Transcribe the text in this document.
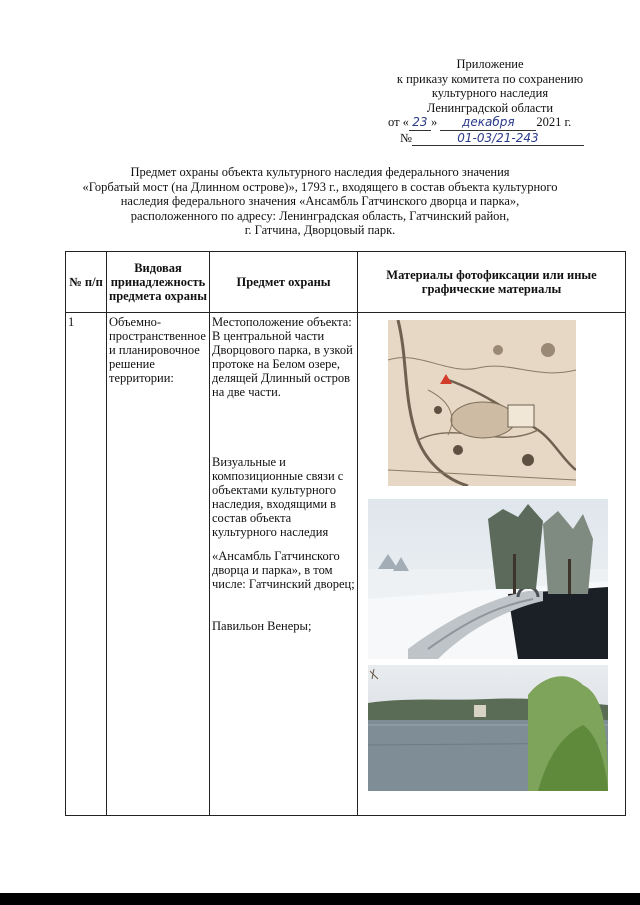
Приложение
к приказу комитета по сохранению
культурного наследия
Ленинградской области
от « 23 » декабря 2021 г.
№	01-03/21-243
Предмет охраны объекта культурного наследия федерального значения
«Горбатый мост (на Длинном острове)», 1793 г., входящего в состав объекта культурного
наследия федерального значения «Ансамбль Гатчинского дворца и парка»,
расположенного по адресу: Ленинградская область, Гатчинский район,
г. Гатчина, Дворцовый парк.
№ п/п	Видовая принадлежность предмета охраны	Предмет охраны	Материалы фотофиксации или иные графические материалы
1	Объемно-пространственное и планировочное решение территории:	Местоположение объекта: В центральной части Дворцового парка, в узкой протоке на Белом озере, делящей Длинный остров на две части.

Визуальные и композиционные связи с объектами культурного наследия, входящими в состав объекта культурного наследия

«Ансамбль Гатчинского дворца и парка», в том числе: Гатчинский дворец;

Павильон Венеры;
